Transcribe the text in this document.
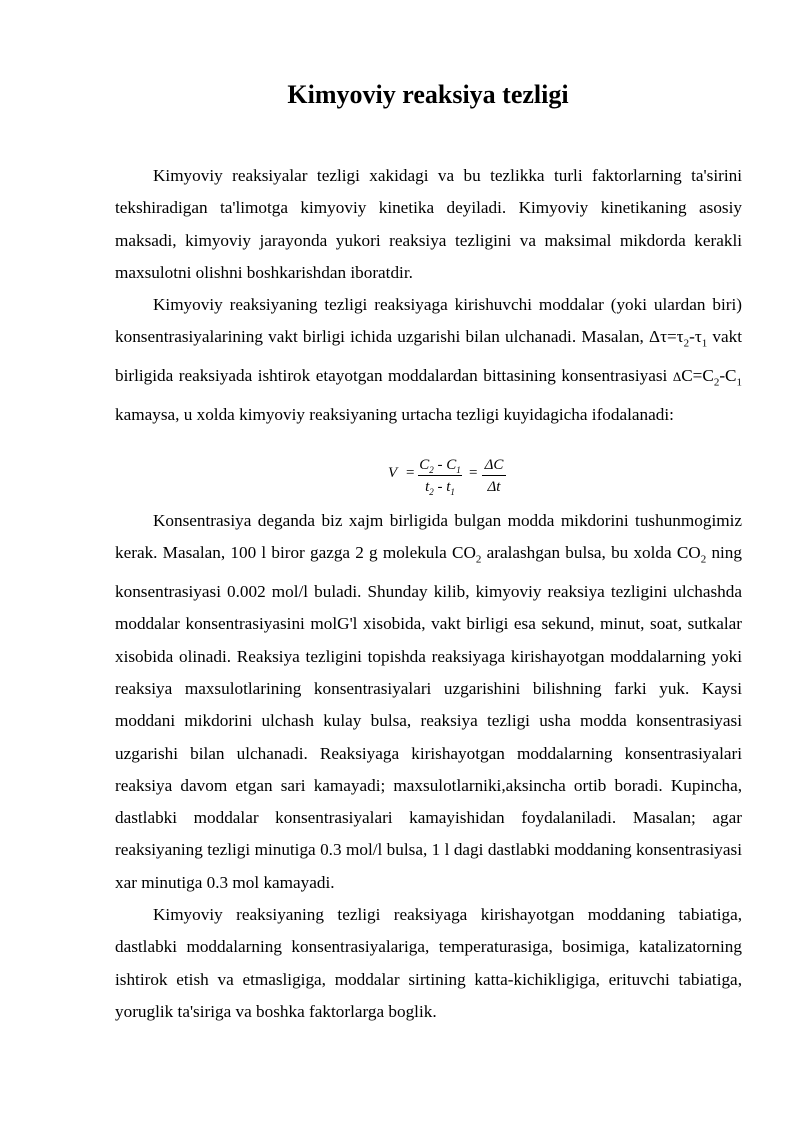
Kimyoviy reaksiya tezligi

Kimyoviy reaksiyalar tezligi xakidagi va bu tezlikka turli faktorlarning ta'sirini tekshiradigan ta'limotga kimyoviy kinetika deyiladi. Kimyoviy kinetikaning asosiy maksadi, kimyoviy jarayonda yukori reaksiya tezligini va maksimal mikdorda kerakli maxsulotni olishni boshkarishdan iboratdir.

Kimyoviy reaksiyaning tezligi reaksiyaga kirishuvchi moddalar (yoki ulardan biri) konsentrasiyalarining vakt birligi ichida uzgarishi bilan ulchanadi. Masalan, $\Delta\tau=\tau_2-\tau_1$ vakt birligida reaksiyada ishtirok etayotgan moddalardan bittasining konsentrasiyasi $\Delta C=C_2-C_1$ kamaysa, u xolda kimyoviy reaksiyaning urtacha tezligi kuyidagicha ifodalanadi:

$V = C_2 - C_1$
$t_2 - t_1$
= ΔC
Δt

Konsentrasiya deganda biz xajm birligida bulgan modda mikdorini tushunmogimiz kerak. Masalan, 100 l biror gazga 2 g molekula $CO_2$ aralashgan bulsa, bu xolda $CO_2$ ning konsentrasiyasi 0.002 mol/l buladi. Shunday kilib, kimyoviy reaksiya tezligini ulchashda moddalar konsentrasiyasini molG'l xisobida, vakt birligi esa sekund, minut, soat, sutkalar xisobida olinadi. Reaksiya tezligini topishda reaksiyaga kirishayotgan moddalarning yoki reaksiya maxsulotlarining konsentrasiyalari uzgarishini bilishning farki yuk. Kaysi moddani mikdorini ulchash kulay bulsa, reaksiya tezligi usha modda konsentrasiyasi uzgarishi bilan ulchanadi. Reaksiyaga kirishayotgan moddalarning konsentrasiyalari reaksiya davom etgan sari kamayadi; maxsulotlarniki,aksincha ortib boradi. Kupincha, dastlabki moddalar konsentrasiyalari kamayishidan foydalaniladi. Masalan; agar reaksiyaning tezligi minutiga 0.3 mol/l bulsa, 1 l dagi dastlabki moddaning konsentrasiyasi xar minutiga 0.3 mol kamayadi.

Kimyoviy reaksiyaning tezligi reaksiyaga kirishayotgan moddaning tabiatiga, dastlabki moddalarning konsentrasiyalariga, temperaturasiga, bosimiga, katalizatorning ishtirok etish va etmasligiga, moddalar sirtining katta-kichikligiga, erituvchi tabiatiga, yoruglik ta'siriga va boshka faktorlarga boglik.
